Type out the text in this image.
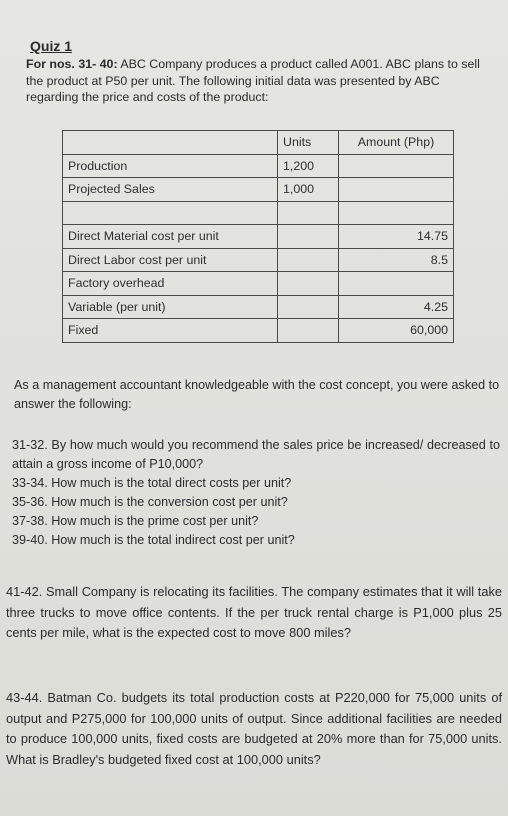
Quiz 1
For nos. 31- 40: ABC Company produces a product called A001. ABC plans to sell the product at P50 per unit. The following initial data was presented by ABC regarding the price and costs of the product:
	Units	Amount (Php)
Production	1,200	
Projected Sales	1,000	

Direct Material cost per unit		14.75
Direct Labor cost per unit		8.5
Factory overhead		
Variable (per unit)		4.25
Fixed		60,000
As a management accountant knowledgeable with the cost concept, you were asked to answer the following:
31-32. By how much would you recommend the sales price be increased/ decreased to attain a gross income of P10,000?
33-34. How much is the total direct costs per unit?
35-36. How much is the conversion cost per unit?
37-38. How much is the prime cost per unit?
39-40. How much is the total indirect cost per unit?
41-42. Small Company is relocating its facilities. The company estimates that it will take three trucks to move office contents. If the per truck rental charge is P1,000 plus 25 cents per mile, what is the expected cost to move 800 miles?
43-44. Batman Co. budgets its total production costs at P220,000 for 75,000 units of output and P275,000 for 100,000 units of output. Since additional facilities are needed to produce 100,000 units, fixed costs are budgeted at 20% more than for 75,000 units. What is Bradley's budgeted fixed cost at 100,000 units?
